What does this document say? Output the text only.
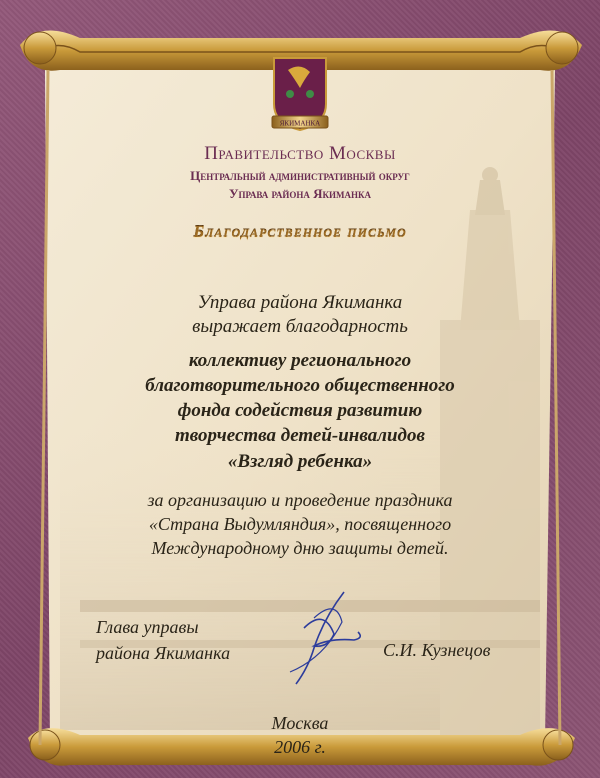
ЯКИМАНКА
Правительство Москвы
Центральный административный округ
Управа района Якиманка
Благодарственное письмо
Управа района Якиманка
выражает благодарность
коллективу регионального
благотворительного общественного
фонда содействия развитию
творчества детей-инвалидов
«Взгляд ребенка»
за организацию и проведение праздника
«Страна Выдумляндия», посвященного
Международному дню защиты детей.
Глава управы
района Якиманка	С.И. Кузнецов
Москва
2006 г.
